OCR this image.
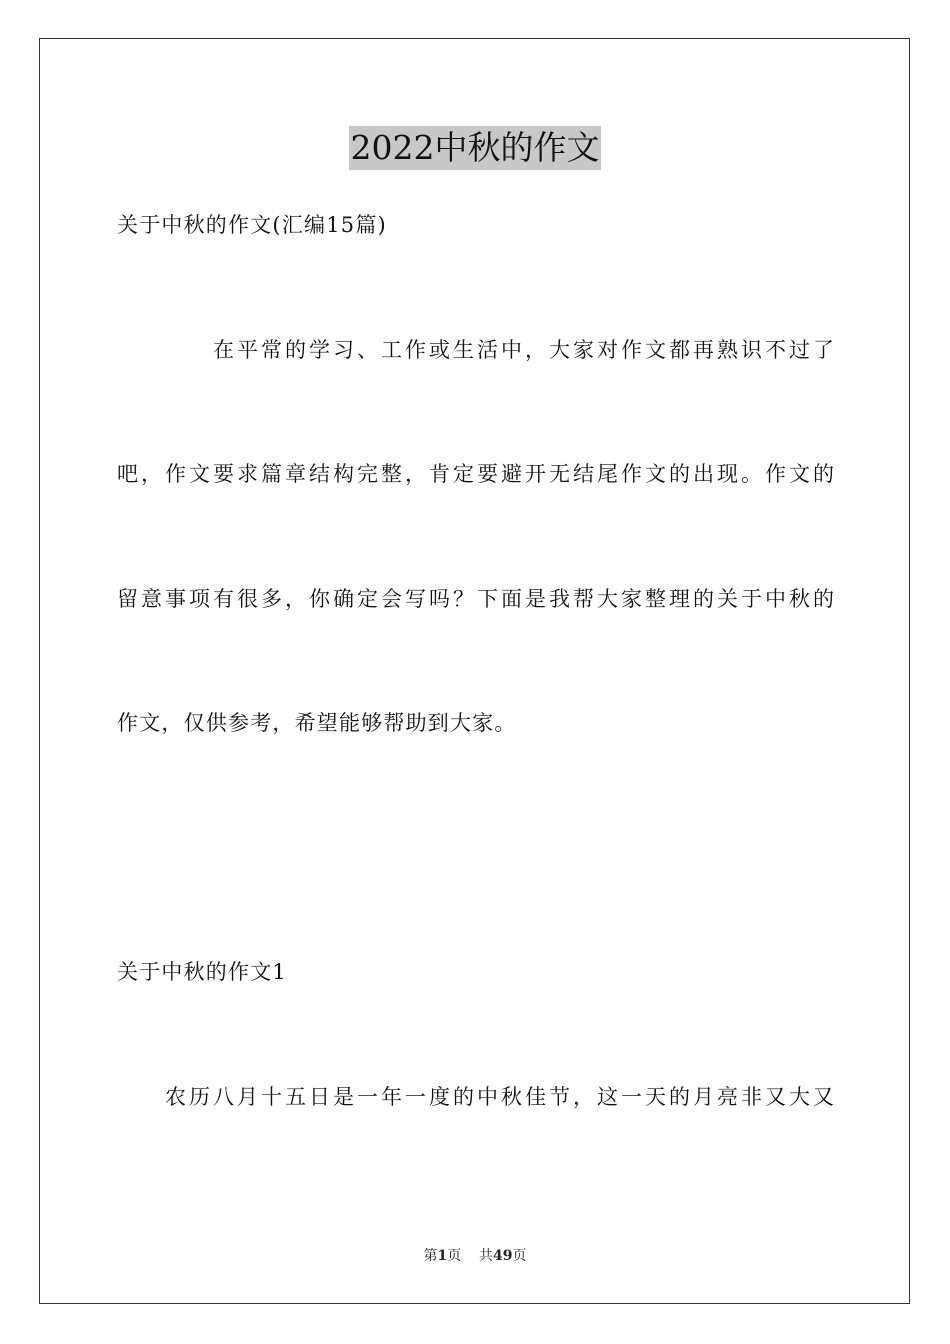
2022中秋的作文
关于中秋的作文(汇编15篇)
在平常的学习、工作或生活中，大家对作文都再熟识不过了
吧，作文要求篇章结构完整，肯定要避开无结尾作文的出现。作文的
留意事项有很多，你确定会写吗？下面是我帮大家整理的关于中秋的
作文，仅供参考，希望能够帮助到大家。
关于中秋的作文1
农历八月十五日是一年一度的中秋佳节，这一天的月亮非又大又
第1页 共49页
